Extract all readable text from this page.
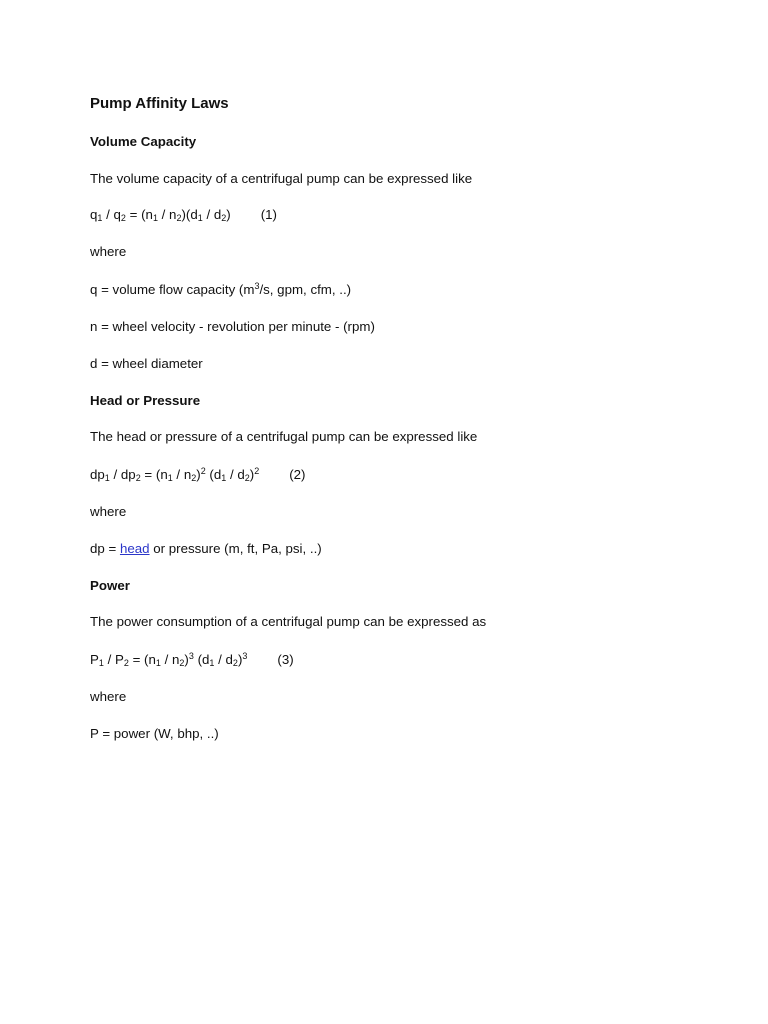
Pump Affinity Laws
Volume Capacity
The volume capacity of a centrifugal pump can be expressed like
$q_1 / q_2 = (n_1 / n_2)(d_1 / d_2)$ (1)
where
q = volume flow capacity ($m^3/s$, gpm, cfm, ..)
n = wheel velocity - revolution per minute - (rpm)
d = wheel diameter
Head or Pressure
The head or pressure of a centrifugal pump can be expressed like
$dp_1 / dp_2 = (n_1 / n_2)^2$ $(d_1 / d_2)^2$ (2)
where
dp = head or pressure (m, ft, Pa, psi, ..)
Power
The power consumption of a centrifugal pump can be expressed as
$P_1 / P_2 = (n_1 / n_2)^3$ $(d_1 / d_2)^3$ (3)
where
P = power (W, bhp, ..)
